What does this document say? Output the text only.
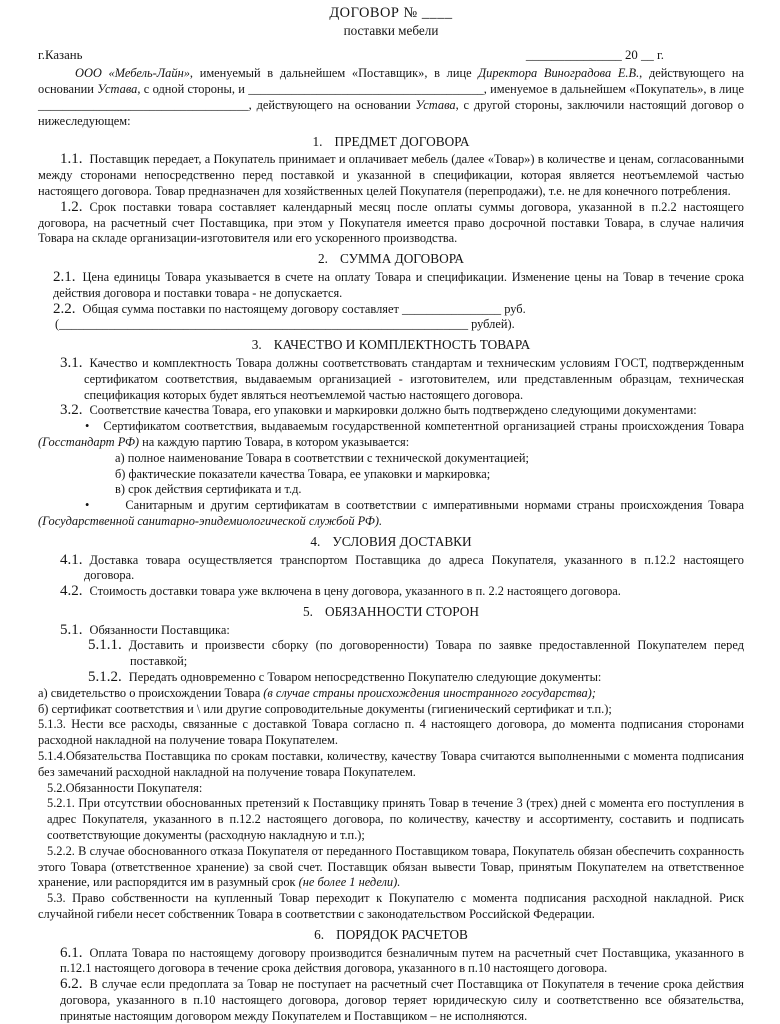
ДОГОВОР № ____

поставки мебели

г.Казань	_______________ 20 __ г.

ООО «Мебель-Лайн», именуемый в дальнейшем «Поставщик», в лице Директора Виноградова Е.В., действующего на основании Устава, с одной стороны, и ______________________________________, именуемое в дальнейшем «Покупатель», в лице __________________________________, действующего на основании Устава, с другой стороны, заключили настоящий договор о нижеследующем:

1. ПРЕДМЕТ ДОГОВОРА

1.1. Поставщик передает, а Покупатель принимает и оплачивает мебель (далее «Товар») в количестве и ценам, согласованными между сторонами непосредственно перед поставкой и указанной в спецификации, которая является неотъемлемой частью настоящего договора. Товар предназначен для хозяйственных целей Покупателя (перепродажи), т.е. не для конечного потребления.

1.2. Срок поставки товара составляет календарный месяц после оплаты суммы договора, указанной в п.2.2 настоящего договора, на расчетный счет Поставщика, при этом у Покупателя имеется право досрочной поставки Товара, в случае наличия Товара на складе организации-изготовителя или его ускоренного производства.

2. СУММА ДОГОВОРА

2.1. Цена единицы Товара указывается в счете на оплату Товара и спецификации. Изменение цены на Товар в течение срока действия договора и поставки товара - не допускается.

2.2. Общая сумма поставки по настоящему договору составляет ________________ руб.

(__________________________________________________________________ рублей).

3. КАЧЕСТВО И КОМПЛЕКТНОСТЬ ТОВАРА

3.1. Качество и комплектность Товара должны соответствовать стандартам и техническим условиям ГОСТ, подтвержденным сертификатом соответствия, выдаваемым организацией - изготовителем, или представленным образцам, техническая спецификация которых будет являться неотъемлемой частью настоящего договора.

3.2. Соответствие качества Товара, его упаковки и маркировки должно быть подтверждено следующими документами:

• Сертификатом соответствия, выдаваемым государственной компетентной организацией страны происхождения Товара (Госстандарт РФ) на каждую партию Товара, в котором указывается:

а) полное наименование Товара в соответствии с технической документацией;

б) фактические показатели качества Товара, ее упаковки и маркировка;

в) срок действия сертификата и т.д.

•	Санитарным и другим сертификатам в соответствии с императивными нормами страны происхождения Товара (Государственной санитарно-эпидемиологической службой РФ).

4. УСЛОВИЯ ДОСТАВКИ

4.1. Доставка товара осуществляется транспортом Поставщика до адреса Покупателя, указанного в п.12.2 настоящего договора.

4.2. Стоимость доставки товара уже включена в цену договора, указанного в п. 2.2 настоящего договора.

5. ОБЯЗАННОСТИ СТОРОН

5.1. Обязанности Поставщика:

5.1.1. Доставить и произвести сборку (по договоренности) Товара по заявке предоставленной Покупателем перед поставкой;

5.1.2. Передать одновременно с Товаром непосредственно Покупателю следующие документы:

а) свидетельство о происхождении Товара (в случае страны происхождения иностранного государства);

б) сертификат соответствия и \ или другие сопроводительные документы (гигиенический сертификат и т.п.);

5.1.3. Нести все расходы, связанные с доставкой Товара согласно п. 4 настоящего договора, до момента подписания сторонами расходной накладной на получение товара Покупателем.

5.1.4.Обязательства Поставщика по срокам поставки, количеству, качеству Товара считаются выполненными с момента подписания без замечаний расходной накладной на получение товара Покупателем.

5.2.Обязанности Покупателя:

5.2.1. При отсутствии обоснованных претензий к Поставщику принять Товар в течение 3 (трех) дней с момента его поступления в адрес Покупателя, указанного в п.12.2 настоящего договора, по количеству, качеству и ассортименту, составить и подписать соответствующие документы (расходную накладную и т.п.);

5.2.2. В случае обоснованного отказа Покупателя от переданного Поставщиком товара, Покупатель обязан обеспечить сохранность этого Товара (ответственное хранение) за свой счет. Поставщик обязан вывести Товар, принятым Покупателем на ответственное хранение, или распорядится им в разумный срок (не более 1 недели).

5.3. Право собственности на купленный Товар переходит к Покупателю с момента подписания расходной накладной. Риск случайной гибели несет собственник Товара в соответствии с законодательством Российской Федерации.

6. ПОРЯДОК РАСЧЕТОВ

6.1. Оплата Товара по настоящему договору производится безналичным путем на расчетный счет Поставщика, указанного в п.12.1 настоящего договора в течение срока действия договора, указанного в п.10 настоящего договора.

6.2. В случае если предоплата за Товар не поступает на расчетный счет Поставщика от Покупателя в течение срока действия договора, указанного в п.10 настоящего договора, договор теряет юридическую силу и соответственно все обязательства, принятые настоящим договором между Покупателем и Поставщиком – не исполняются.
